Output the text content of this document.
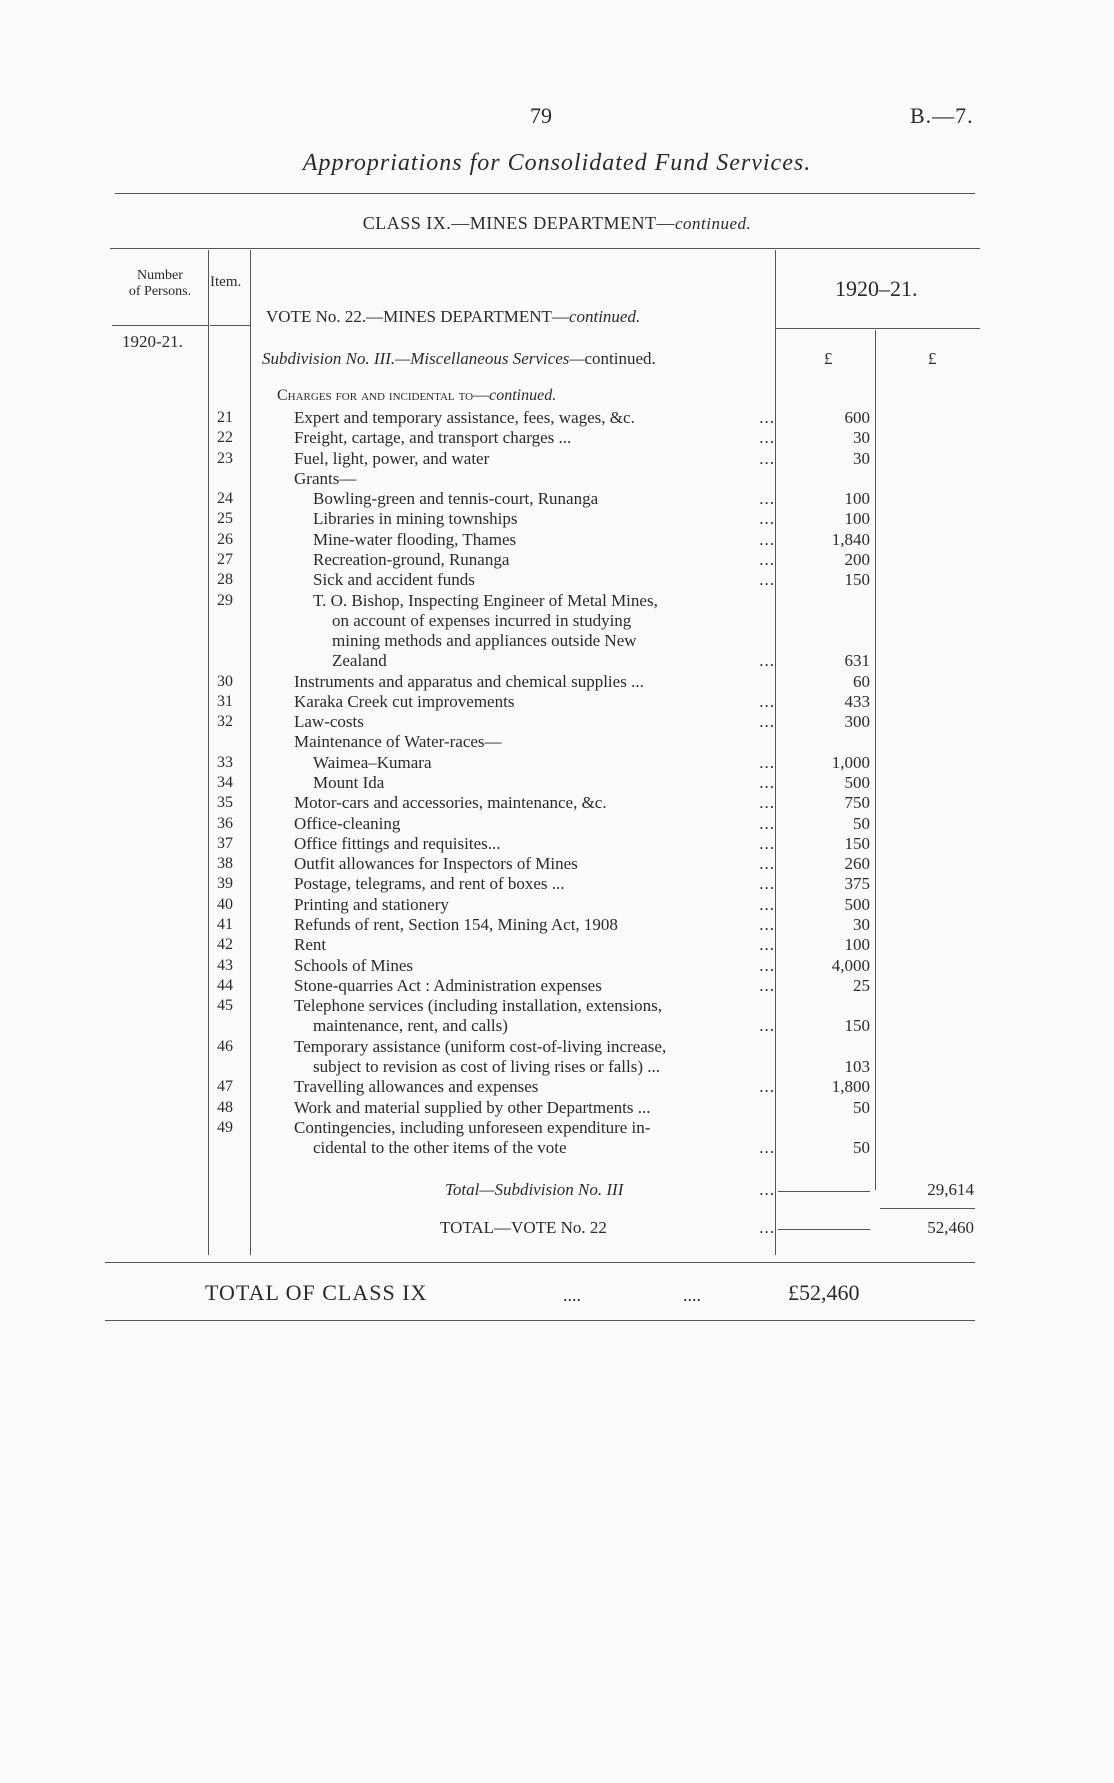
79	B.—7.
Appropriations for Consolidated Fund Services.
CLASS IX.—MINES DEPARTMENT—continued.
Number
of Persons.
Item.	1920–21.
1920-21.
VOTE No. 22.—MINES DEPARTMENT—continued.
Subdivision No. III.—Miscellaneous Services—continued.	£	£
Charges for and incidental to—continued.
21	Expert and temporary assistance, fees, wages, &c.	...	600
22	Freight, cartage, and transport charges ...	...	30
23	Fuel, light, power, and water	...	30
Grants—
24	Bowling-green and tennis-court, Runanga	...	100
25	Libraries in mining townships	...	100
26	Mine-water flooding, Thames	...	1,840
27	Recreation-ground, Runanga	...	200
28	Sick and accident funds	...	150
29	T. O. Bishop, Inspecting Engineer of Metal Mines,
on account of expenses incurred in studying
mining methods and appliances outside New
Zealand	...	631
30	Instruments and apparatus and chemical supplies ...	60
31	Karaka Creek cut improvements	...	433
32	Law-costs	...	300
Maintenance of Water-races—
33	Waimea–Kumara	...	1,000
34	Mount Ida	...	500
35	Motor-cars and accessories, maintenance, &c.	...	750
36	Office-cleaning	...	50
37	Office fittings and requisites...	...	150
38	Outfit allowances for Inspectors of Mines	...	260
39	Postage, telegrams, and rent of boxes ...	...	375
40	Printing and stationery	...	500
41	Refunds of rent, Section 154, Mining Act, 1908	...	30
42	Rent	...	100
43	Schools of Mines	...	4,000
44	Stone-quarries Act : Administration expenses	...	25
45	Telephone services (including installation, extensions,
maintenance, rent, and calls)	...	150
46	Temporary assistance (uniform cost-of-living increase,
subject to revision as cost of living rises or falls) ...	103
47	Travelling allowances and expenses	...	1,800
48	Work and material supplied by other Departments ...	50
49	Contingencies, including unforeseen expenditure in-
cidental to the other items of the vote	...	50
Total—Subdivision No. III	...	29,614
TOTAL—VOTE No. 22	...	52,460
TOTAL OF CLASS IX	....	....	£52,460
